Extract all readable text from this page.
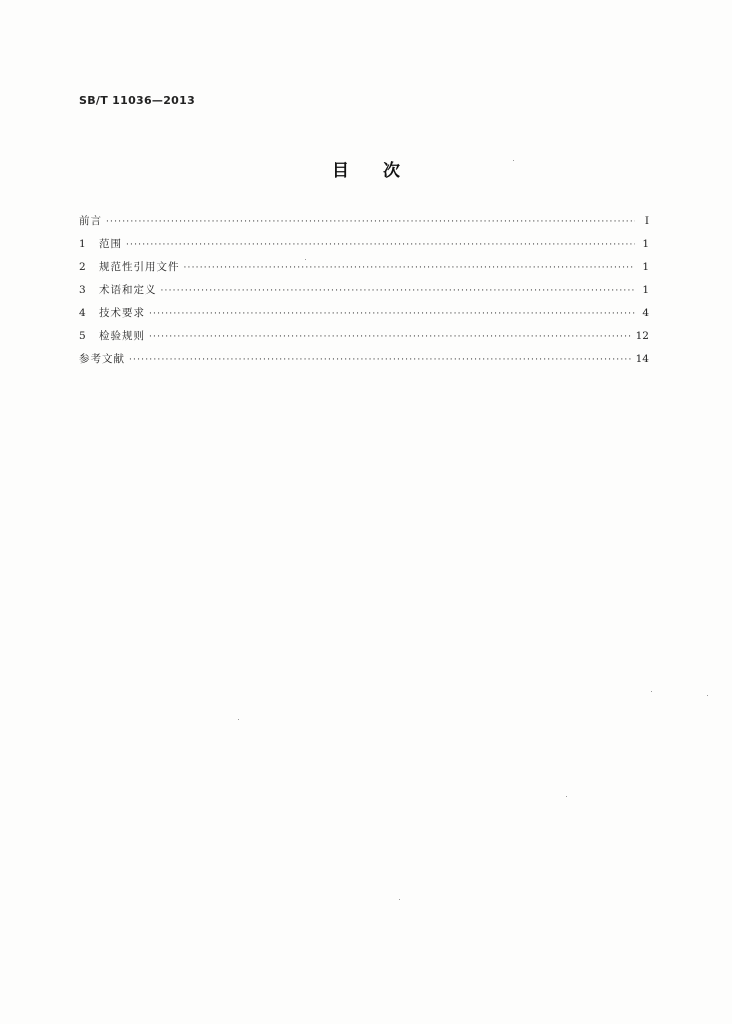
SB/T 11036—2013
目次
前言 ·····	Ⅰ
1	范围 ·····	1
2	规范性引用文件 ·····	1
3	术语和定义 ·····	1
4	技术要求 ·····	4
5	检验规则 ·····	12
参考文献 ·····	14
